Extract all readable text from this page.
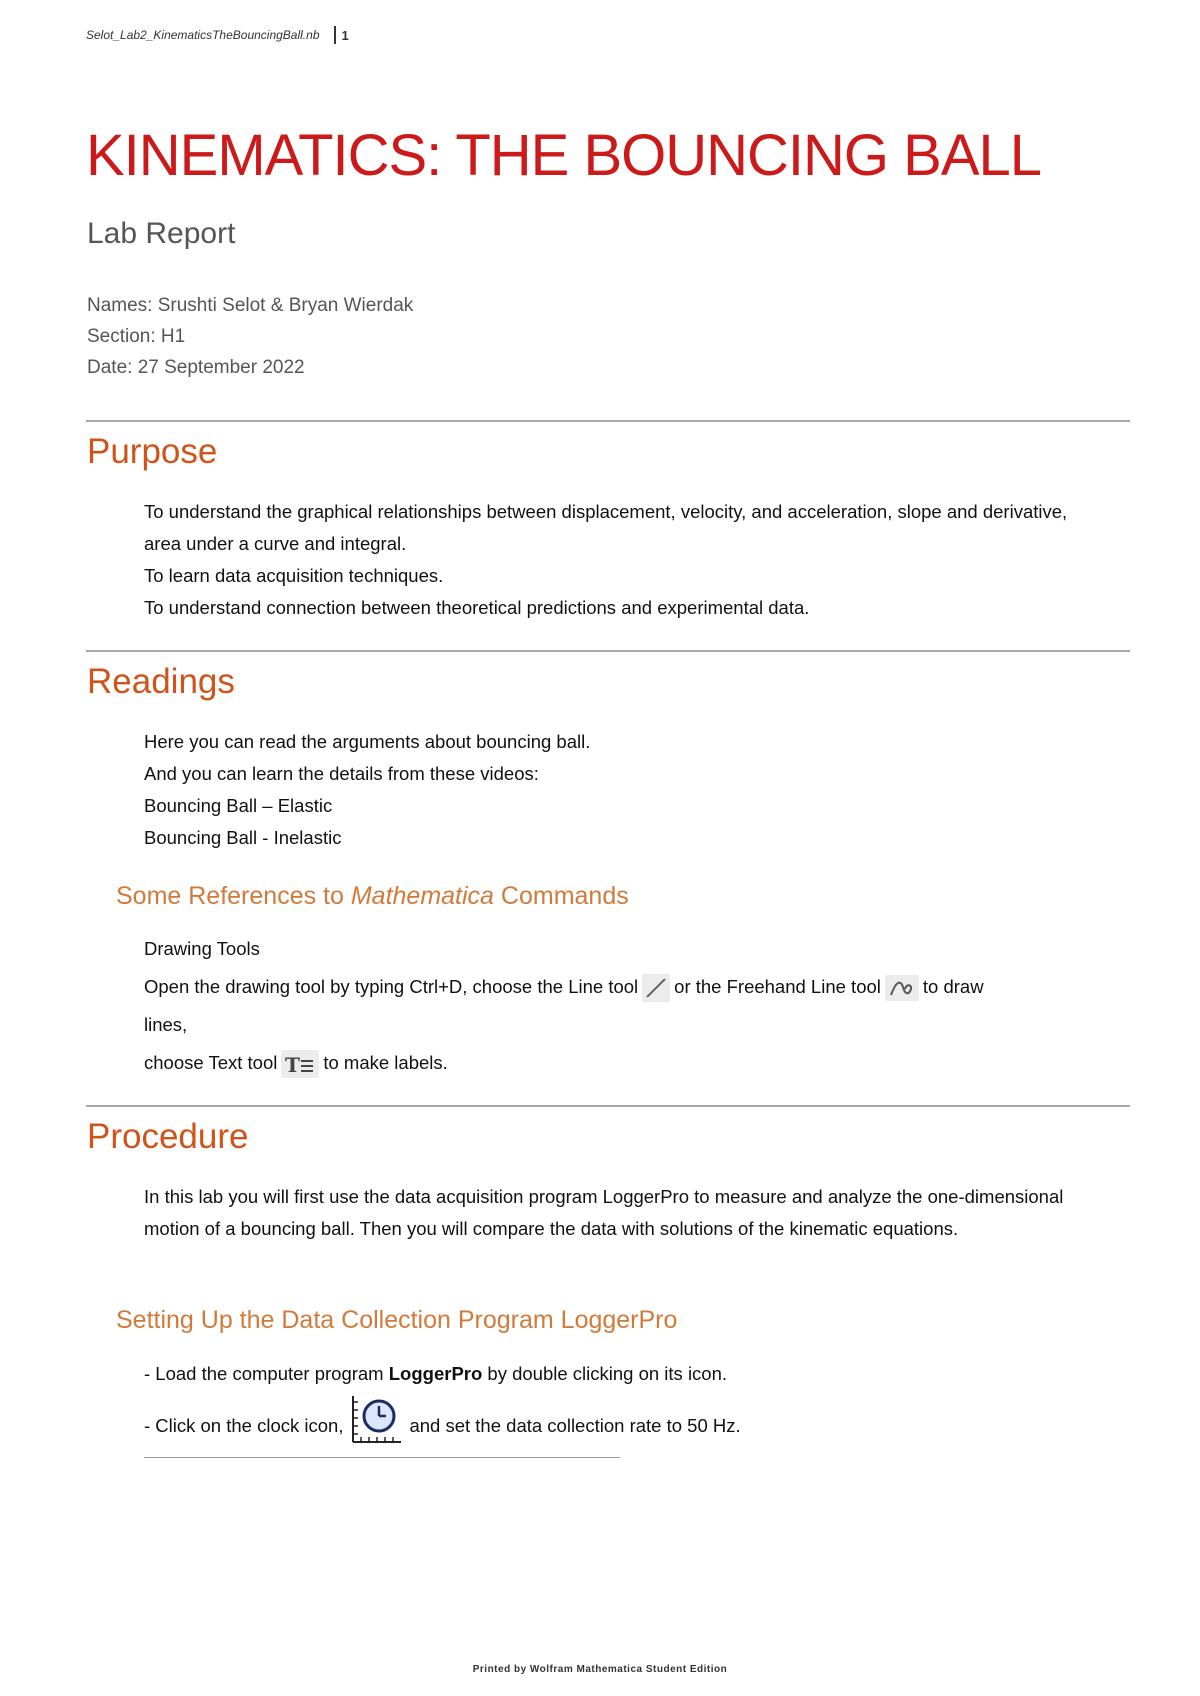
Selot_Lab2_KinematicsTheBouncingBall.nb 1
KINEMATICS: THE BOUNCING BALL
Lab Report
Names: Srushti Selot & Bryan Wierdak
Section: H1
Date: 27 September 2022
Purpose

To understand the graphical relationships between displacement, velocity, and acceleration, slope and derivative, area under a curve and integral.

To learn data acquisition techniques.

To understand connection between theoretical predictions and experimental data.

Readings

Here you can read the arguments about bouncing ball.

And you can learn the details from these videos:

Bouncing Ball – Elastic

Bouncing Ball - Inelastic

Some References to Mathematica Commands

Drawing Tools

Open the drawing tool by typing Ctrl+D, choose the Line tool or the Freehand Line tool to draw

lines,

choose Text tool T to make labels.

Procedure

In this lab you will first use the data acquisition program LoggerPro to measure and analyze the one-dimensional motion of a bouncing ball. Then you will compare the data with solutions of the kinematic equations.

Setting Up the Data Collection Program LoggerPro

- Load the computer program LoggerPro by double clicking on its icon.

- Click on the clock icon,	and set the data collection rate to 50 Hz.

Printed by Wolfram Mathematica Student Edition
